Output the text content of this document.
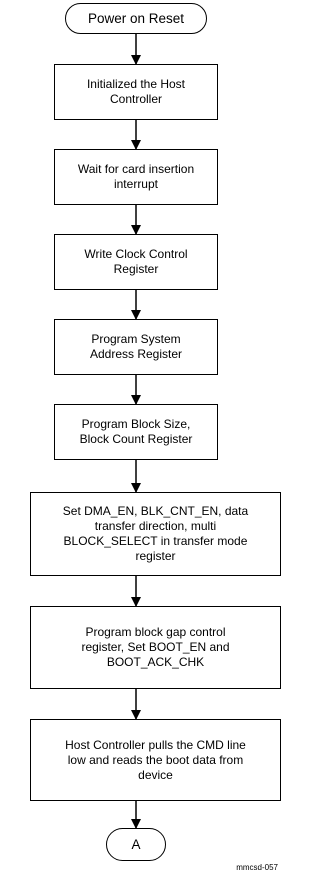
Power on Reset
Initialized the Host
Controller
Wait for card insertion
interrupt
Write Clock Control
Register
Program System
Address Register
Program Block Size,
Block Count Register
Set DMA_EN, BLK_CNT_EN, data
transfer direction, multi
BLOCK_SELECT in transfer mode
register
Program block gap control
register, Set BOOT_EN and
BOOT_ACK_CHK
Host Controller pulls the CMD line
low and reads the boot data from
device
A
mmcsd-057
